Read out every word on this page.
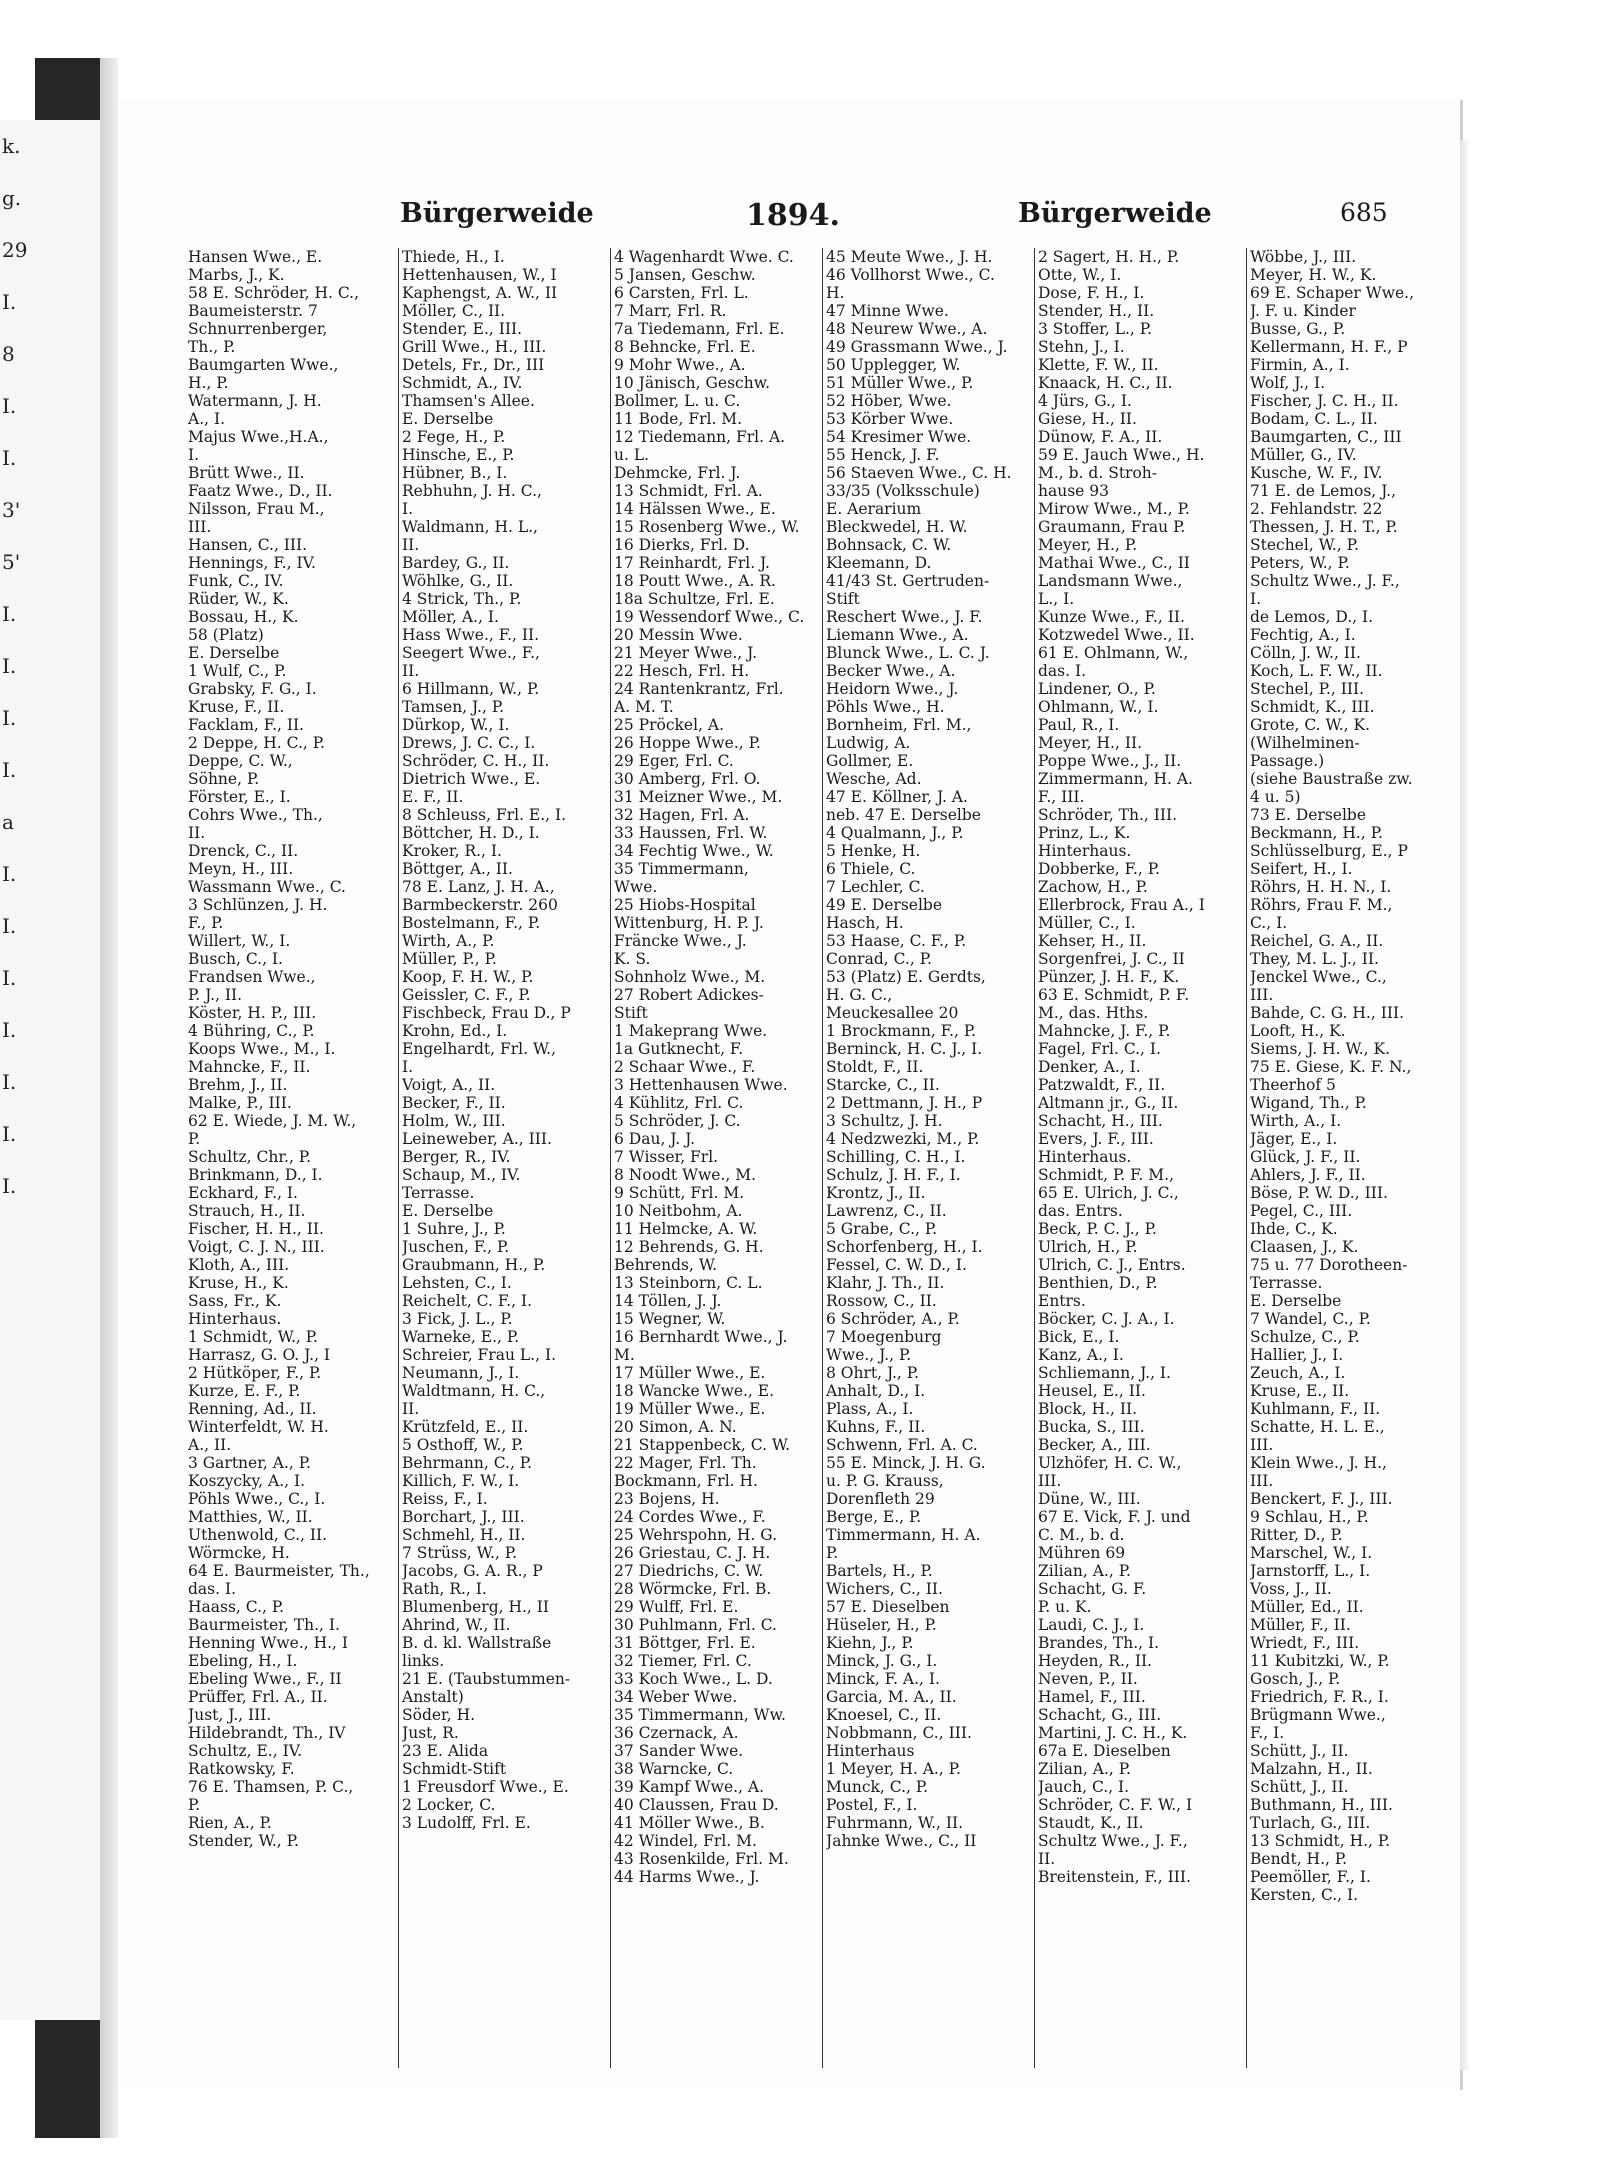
k.
g.
29
I.
8
I.
I.
3'
5'
I.
I.
I.
I.
a
I.
I.
I.
I.
I.
I.
I.
Bürgerweide	1894.	Bürgerweide	685
Hansen Wwe., E.
Marbs, J., K.
58 E. Schröder, H. C.,
Baumeisterstr. 7
Schnurrenberger,
Th., P.
Baumgarten Wwe.,
H., P.
Watermann, J. H.
A., I.
Majus Wwe.,H.A.,
I.
Brütt Wwe., II.
Faatz Wwe., D., II.
Nilsson, Frau M.,
III.
Hansen, C., III.
Hennings, F., IV.
Funk, C., IV.
Rüder, W., K.
Bossau, H., K.
58 (Platz)
E. Derselbe
1 Wulf, C., P.
Grabsky, F. G., I.
Kruse, F., II.
Facklam, F., II.
2 Deppe, H. C., P.
Deppe, C. W.,
Söhne, P.
Förster, E., I.
Cohrs Wwe., Th.,
II.
Drenck, C., II.
Meyn, H., III.
Wassmann Wwe., C.
3 Schlünzen, J. H.
F., P.
Willert, W., I.
Busch, C., I.
Frandsen Wwe.,
P. J., II.
Köster, H. P., III.
4 Bühring, C., P.
Koops Wwe., M., I.
Mahncke, F., II.
Brehm, J., II.
Malke, P., III.
62 E. Wiede, J. M. W.,
P.
Schultz, Chr., P.
Brinkmann, D., I.
Eckhard, F., I.
Strauch, H., II.
Fischer, H. H., II.
Voigt, C. J. N., III.
Kloth, A., III.
Kruse, H., K.
Sass, Fr., K.
Hinterhaus.
1 Schmidt, W., P.
Harrasz, G. O. J., I
2 Hütköper, F., P.
Kurze, E. F., P.
Renning, Ad., II.
Winterfeldt, W. H.
A., II.
3 Gartner, A., P.
Koszycky, A., I.
Pöhls Wwe., C., I.
Matthies, W., II.
Uthenwold, C., II.
Wörmcke, H.
64 E. Baurmeister, Th.,
das. I.
Haass, C., P.
Baurmeister, Th., I.
Henning Wwe., H., I
Ebeling, H., I.
Ebeling Wwe., F., II
Prüffer, Frl. A., II.
Just, J., III.
Hildebrandt, Th., IV
Schultz, E., IV.
Ratkowsky, F.
76 E. Thamsen, P. C.,
P.
Rien, A., P.
Stender, W., P.
Thiede, H., I.
Hettenhausen, W., I
Kaphengst, A. W., II
Möller, C., II.
Stender, E., III.
Grill Wwe., H., III.
Detels, Fr., Dr., III
Schmidt, A., IV.
Thamsen's Allee.
E. Derselbe
2 Fege, H., P.
Hinsche, E., P.
Hübner, B., I.
Rebhuhn, J. H. C.,
I.
Waldmann, H. L.,
II.
Bardey, G., II.
Wöhlke, G., II.
4 Strick, Th., P.
Möller, A., I.
Hass Wwe., F., II.
Seegert Wwe., F.,
II.
6 Hillmann, W., P.
Tamsen, J., P.
Dürkop, W., I.
Drews, J. C. C., I.
Schröder, C. H., II.
Dietrich Wwe., E.
E. F., II.
8 Schleuss, Frl. E., I.
Böttcher, H. D., I.
Kroker, R., I.
Böttger, A., II.
78 E. Lanz, J. H. A.,
Barmbeckerstr. 260
Bostelmann, F., P.
Wirth, A., P.
Müller, P., P.
Koop, F. H. W., P.
Geissler, C. F., P.
Fischbeck, Frau D., P
Krohn, Ed., I.
Engelhardt, Frl. W.,
I.
Voigt, A., II.
Becker, F., II.
Holm, W., III.
Leineweber, A., III.
Berger, R., IV.
Schaup, M., IV.
Terrasse.
E. Derselbe
1 Suhre, J., P.
Juschen, F., P.
Graubmann, H., P.
Lehsten, C., I.
Reichelt, C. F., I.
3 Fick, J. L., P.
Warneke, E., P.
Schreier, Frau L., I.
Neumann, J., I.
Waldtmann, H. C.,
II.
Krützfeld, E., II.
5 Osthoff, W., P.
Behrmann, C., P.
Killich, F. W., I.
Reiss, F., I.
Borchart, J., III.
Schmehl, H., II.
7 Strüss, W., P.
Jacobs, G. A. R., P
Rath, R., I.
Blumenberg, H., II
Ahrind, W., II.
B. d. kl. Wallstraße
links.
21 E. (Taubstummen-
Anstalt)
Söder, H.
Just, R.
23 E. Alida
Schmidt-Stift
1 Freusdorf Wwe., E.
2 Locker, C.
3 Ludolff, Frl. E.
4 Wagenhardt Wwe. C.
5 Jansen, Geschw.
6 Carsten, Frl. L.
7 Marr, Frl. R.
7a Tiedemann, Frl. E.
8 Behncke, Frl. E.
9 Mohr Wwe., A.
10 Jänisch, Geschw.
Bollmer, L. u. C.
11 Bode, Frl. M.
12 Tiedemann, Frl. A.
u. L.
Dehmcke, Frl. J.
13 Schmidt, Frl. A.
14 Hälssen Wwe., E.
15 Rosenberg Wwe., W.
16 Dierks, Frl. D.
17 Reinhardt, Frl. J.
18 Poutt Wwe., A. R.
18a Schultze, Frl. E.
19 Wessendorf Wwe., C.
20 Messin Wwe.
21 Meyer Wwe., J.
22 Hesch, Frl. H.
24 Rantenkrantz, Frl.
A. M. T.
25 Pröckel, A.
26 Hoppe Wwe., P.
29 Eger, Frl. C.
30 Amberg, Frl. O.
31 Meizner Wwe., M.
32 Hagen, Frl. A.
33 Haussen, Frl. W.
34 Fechtig Wwe., W.
35 Timmermann,
Wwe.
25 Hiobs-Hospital
Wittenburg, H. P. J.
Fräncke Wwe., J.
K. S.
Sohnholz Wwe., M.
27 Robert Adickes-
Stift
1 Makeprang Wwe.
1a Gutknecht, F.
2 Schaar Wwe., F.
3 Hettenhausen Wwe.
4 Kühlitz, Frl. C.
5 Schröder, J. C.
6 Dau, J. J.
7 Wisser, Frl.
8 Noodt Wwe., M.
9 Schütt, Frl. M.
10 Neitbohm, A.
11 Helmcke, A. W.
12 Behrends, G. H.
Behrends, W.
13 Steinborn, C. L.
14 Töllen, J. J.
15 Wegner, W.
16 Bernhardt Wwe., J.
M.
17 Müller Wwe., E.
18 Wancke Wwe., E.
19 Müller Wwe., E.
20 Simon, A. N.
21 Stappenbeck, C. W.
22 Mager, Frl. Th.
Bockmann, Frl. H.
23 Bojens, H.
24 Cordes Wwe., F.
25 Wehrspohn, H. G.
26 Griestau, C. J. H.
27 Diedrichs, C. W.
28 Wörmcke, Frl. B.
29 Wulff, Frl. E.
30 Puhlmann, Frl. C.
31 Böttger, Frl. E.
32 Tiemer, Frl. C.
33 Koch Wwe., L. D.
34 Weber Wwe.
35 Timmermann, Ww.
36 Czernack, A.
37 Sander Wwe.
38 Warncke, C.
39 Kampf Wwe., A.
40 Claussen, Frau D.
41 Möller Wwe., B.
42 Windel, Frl. M.
43 Rosenkilde, Frl. M.
44 Harms Wwe., J.
45 Meute Wwe., J. H.
46 Vollhorst Wwe., C.
H.
47 Minne Wwe.
48 Neurew Wwe., A.
49 Grassmann Wwe., J.
50 Upplegger, W.
51 Müller Wwe., P.
52 Höber, Wwe.
53 Körber Wwe.
54 Kresimer Wwe.
55 Henck, J. F.
56 Staeven Wwe., C. H.
33/35 (Volksschule)
E. Aerarium
Bleckwedel, H. W.
Bohnsack, C. W.
Kleemann, D.
41/43 St. Gertruden-
Stift
Reschert Wwe., J. F.
Liemann Wwe., A.
Blunck Wwe., L. C. J.
Becker Wwe., A.
Heidorn Wwe., J.
Pöhls Wwe., H.
Bornheim, Frl. M.,
Ludwig, A.
Gollmer, E.
Wesche, Ad.
47 E. Köllner, J. A.
neb. 47 E. Derselbe
4 Qualmann, J., P.
5 Henke, H.
6 Thiele, C.
7 Lechler, C.
49 E. Derselbe
Hasch, H.
53 Haase, C. F., P.
Conrad, C., P.
53 (Platz) E. Gerdts,
H. G. C.,
Meuckesallee 20
1 Brockmann, F., P.
Berninck, H. C. J., I.
Stoldt, F., II.
Starcke, C., II.
2 Dettmann, J. H., P
3 Schultz, J. H.
4 Nedzwezki, M., P.
Schilling, C. H., I.
Schulz, J. H. F., I.
Krontz, J., II.
Lawrenz, C., II.
5 Grabe, C., P.
Schorfenberg, H., I.
Fessel, C. W. D., I.
Klahr, J. Th., II.
Rossow, C., II.
6 Schröder, A., P.
7 Moegenburg
Wwe., J., P.
8 Ohrt, J., P.
Anhalt, D., I.
Plass, A., I.
Kuhns, F., II.
Schwenn, Frl. A. C.
55 E. Minck, J. H. G.
u. P. G. Krauss,
Dorenfleth 29
Berge, E., P.
Timmermann, H. A.
P.
Bartels, H., P.
Wichers, C., II.
57 E. Dieselben
Hüseler, H., P.
Kiehn, J., P.
Minck, J. G., I.
Minck, F. A., I.
Garcia, M. A., II.
Knoesel, C., II.
Nobbmann, C., III.
Hinterhaus
1 Meyer, H. A., P.
Munck, C., P.
Postel, F., I.
Fuhrmann, W., II.
Jahnke Wwe., C., II
2 Sagert, H. H., P.
Otte, W., I.
Dose, F. H., I.
Stender, H., II.
3 Stoffer, L., P.
Stehn, J., I.
Klette, F. W., II.
Knaack, H. C., II.
4 Jürs, G., I.
Giese, H., II.
Dünow, F. A., II.
59 E. Jauch Wwe., H.
M., b. d. Stroh-
hause 93
Mirow Wwe., M., P.
Graumann, Frau P.
Meyer, H., P.
Mathai Wwe., C., II
Landsmann Wwe.,
L., I.
Kunze Wwe., F., II.
Kotzwedel Wwe., II.
61 E. Ohlmann, W.,
das. I.
Lindener, O., P.
Ohlmann, W., I.
Paul, R., I.
Meyer, H., II.
Poppe Wwe., J., II.
Zimmermann, H. A.
F., III.
Schröder, Th., III.
Prinz, L., K.
Hinterhaus.
Dobberke, F., P.
Zachow, H., P.
Ellerbrock, Frau A., I
Müller, C., I.
Kehser, H., II.
Sorgenfrei, J. C., II
Pünzer, J. H. F., K.
63 E. Schmidt, P. F.
M., das. Hths.
Mahncke, J. F., P.
Fagel, Frl. C., I.
Denker, A., I.
Patzwaldt, F., II.
Altmann jr., G., II.
Schacht, H., III.
Evers, J. F., III.
Hinterhaus.
Schmidt, P. F. M.,
65 E. Ulrich, J. C.,
das. Entrs.
Beck, P. C. J., P.
Ulrich, H., P.
Ulrich, C. J., Entrs.
Benthien, D., P.
Entrs.
Böcker, C. J. A., I.
Bick, E., I.
Kanz, A., I.
Schliemann, J., I.
Heusel, E., II.
Block, H., II.
Bucka, S., III.
Becker, A., III.
Ulzhöfer, H. C. W.,
III.
Düne, W., III.
67 E. Vick, F. J. und
C. M., b. d.
Mühren 69
Zilian, A., P.
Schacht, G. F.
P. u. K.
Laudi, C. J., I.
Brandes, Th., I.
Heyden, R., II.
Neven, P., II.
Hamel, F., III.
Schacht, G., III.
Martini, J. C. H., K.
67a E. Dieselben
Zilian, A., P.
Jauch, C., I.
Schröder, C. F. W., I
Staudt, K., II.
Schultz Wwe., J. F.,
II.
Breitenstein, F., III.
Wöbbe, J., III.
Meyer, H. W., K.
69 E. Schaper Wwe.,
J. F. u. Kinder
Busse, G., P.
Kellermann, H. F., P
Firmin, A., I.
Wolf, J., I.
Fischer, J. C. H., II.
Bodam, C. L., II.
Baumgarten, C., III
Müller, G., IV.
Kusche, W. F., IV.
71 E. de Lemos, J.,
2. Fehlandstr. 22
Thessen, J. H. T., P.
Stechel, W., P.
Peters, W., P.
Schultz Wwe., J. F.,
I.
de Lemos, D., I.
Fechtig, A., I.
Cölln, J. W., II.
Koch, L. F. W., II.
Stechel, P., III.
Schmidt, K., III.
Grote, C. W., K.
(Wilhelminen-
Passage.)
(siehe Baustraße zw.
4 u. 5)
73 E. Derselbe
Beckmann, H., P.
Schlüsselburg, E., P
Seifert, H., I.
Röhrs, H. H. N., I.
Röhrs, Frau F. M.,
C., I.
Reichel, G. A., II.
They, M. L. J., II.
Jenckel Wwe., C.,
III.
Bahde, C. G. H., III.
Looft, H., K.
Siems, J. H. W., K.
75 E. Giese, K. F. N.,
Theerhof 5
Wigand, Th., P.
Wirth, A., I.
Jäger, E., I.
Glück, J. F., II.
Ahlers, J. F., II.
Böse, P. W. D., III.
Pegel, C., III.
Ihde, C., K.
Claasen, J., K.
75 u. 77 Dorotheen-
Terrasse.
E. Derselbe
7 Wandel, C., P.
Schulze, C., P.
Hallier, J., I.
Zeuch, A., I.
Kruse, E., II.
Kuhlmann, F., II.
Schatte, H. L. E.,
III.
Klein Wwe., J. H.,
III.
Benckert, F. J., III.
9 Schlau, H., P.
Ritter, D., P.
Marschel, W., I.
Jarnstorff, L., I.
Voss, J., II.
Müller, Ed., II.
Müller, F., II.
Wriedt, F., III.
11 Kubitzki, W., P.
Gosch, J., P.
Friedrich, F. R., I.
Brügmann Wwe.,
F., I.
Schütt, J., II.
Malzahn, H., II.
Schütt, J., II.
Buthmann, H., III.
Turlach, G., III.
13 Schmidt, H., P.
Bendt, H., P.
Peemöller, F., I.
Kersten, C., I.
